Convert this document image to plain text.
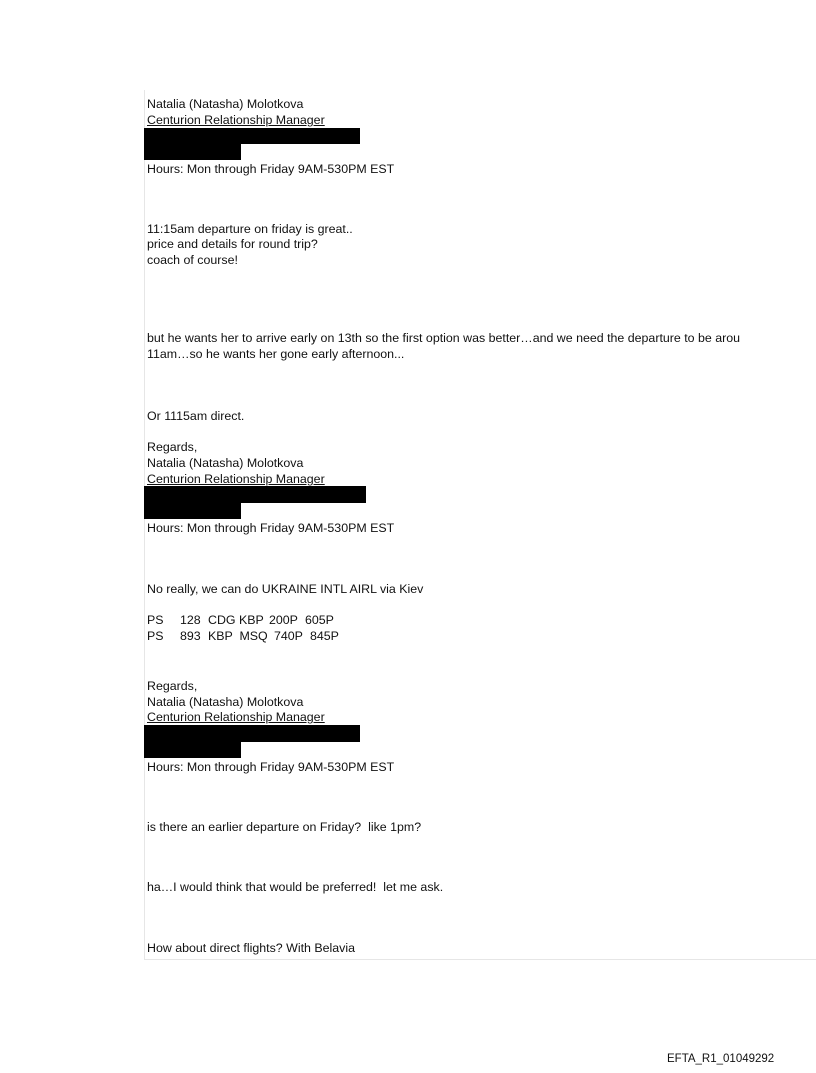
Natalia (Natasha) Molotkova
Centurion Relationship Manager
Hours: Mon through Friday 9AM-530PM EST
11:15am departure on friday is great..
price and details for round trip?
coach of course!
but he wants her to arrive early on 13th so the first option was better…and we need the departure to be arou
11am…so he wants her gone early afternoon...
Or 1115am direct.
Regards,
Natalia (Natasha) Molotkova
Centurion Relationship Manager
Hours: Mon through Friday 9AM-530PM EST
No really, we can do UKRAINE INTL AIRL via Kiev

PS

128

CDG KBP

200P

605P

PS

893

KBP  MSQ

740P

845P

Regards,
Natalia (Natasha) Molotkova
Centurion Relationship Manager
Hours: Mon through Friday 9AM-530PM EST
is there an earlier departure on Friday?  like 1pm?
ha…I would think that would be preferred!  let me ask.
How about direct flights? With Belavia
EFTA_R1_01049292
